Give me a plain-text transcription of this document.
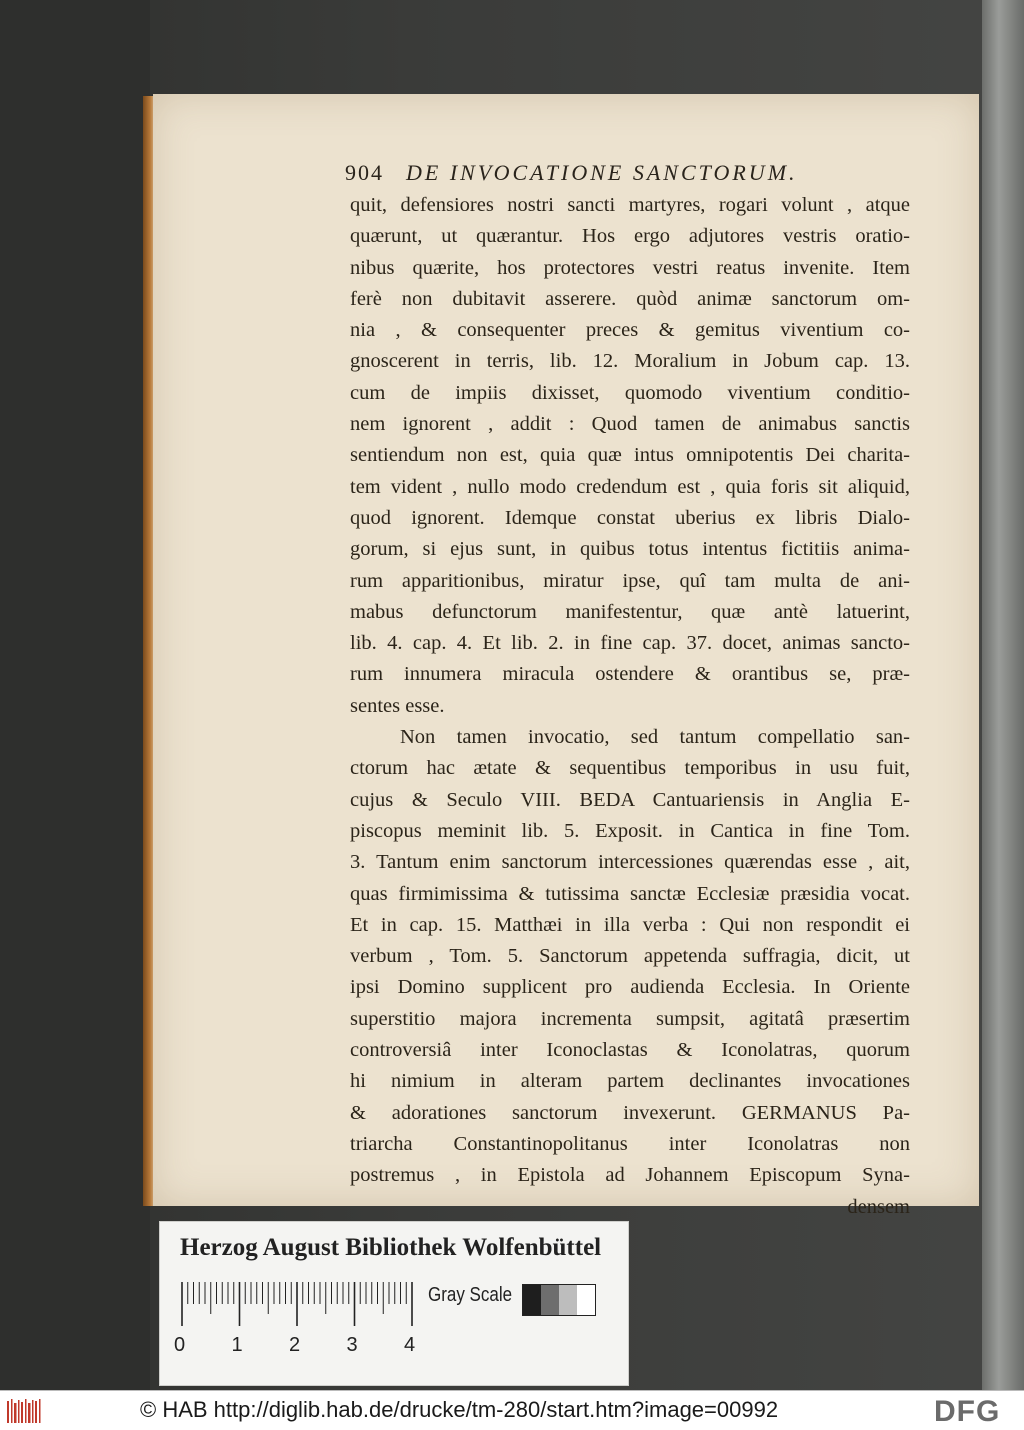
904 DE INVOCATIONE SANCTORUM.
quit, defensiores nostri sancti martyres, rogari volunt , atque
quærunt, ut quærantur. Hos ergo adjutores vestris oratio-
nibus quærite, hos protectores vestri reatus invenite. Item
ferè non dubitavit asserere. quòd animæ sanctorum om-
nia , & consequenter preces & gemitus viventium co-
gnoscerent in terris, lib. 12. Moralium in Jobum cap. 13.
cum de impiis dixisset, quomodo viventium conditio-
nem ignorent , addit : Quod tamen de animabus sanctis
sentiendum non est, quia quæ intus omnipotentis Dei charita-
tem vident , nullo modo credendum est , quia foris sit aliquid,
quod ignorent. Idemque constat uberius ex libris Dialo-
gorum, si ejus sunt, in quibus totus intentus fictitiis anima-
rum apparitionibus, miratur ipse, quî tam multa de ani-
mabus defunctorum manifestentur, quæ antè latuerint,
lib. 4. cap. 4. Et lib. 2. in fine cap. 37. docet, animas sancto-
rum innumera miracula ostendere & orantibus se, præ-
sentes esse.
Non tamen invocatio, sed tantum compellatio san-
ctorum hac ætate & sequentibus temporibus in usu fuit,
cujus & Seculo VIII. BEDA Cantuariensis in Anglia E-
piscopus meminit lib. 5. Exposit. in Cantica in fine Tom.
3. Tantum enim sanctorum intercessiones quærendas esse , ait,
quas firmimissima & tutissima sanctæ Ecclesiæ præsidia vocat.
Et in cap. 15. Matthæi in illa verba : Qui non respondit ei
verbum , Tom. 5. Sanctorum appetenda suffragia, dicit, ut
ipsi Domino supplicent pro audienda Ecclesia. In Oriente
superstitio majora incrementa sumpsit, agitatâ præsertim
controversiâ inter Iconoclastas & Iconolatras, quorum
hi nimium in alteram partem declinantes invocationes
& adorationes sanctorum invexerunt. GERMANUS Pa-
triarcha Constantinopolitanus inter Iconolatras non
postremus , in Epistola ad Johannem Episcopum Syna-
densem
Herzog August Bibliothek Wolfenbüttel
0 1 2 3 4
Gray Scale
© HAB http://diglib.hab.de/drucke/tm-280/start.htm?image=00992	DFG
